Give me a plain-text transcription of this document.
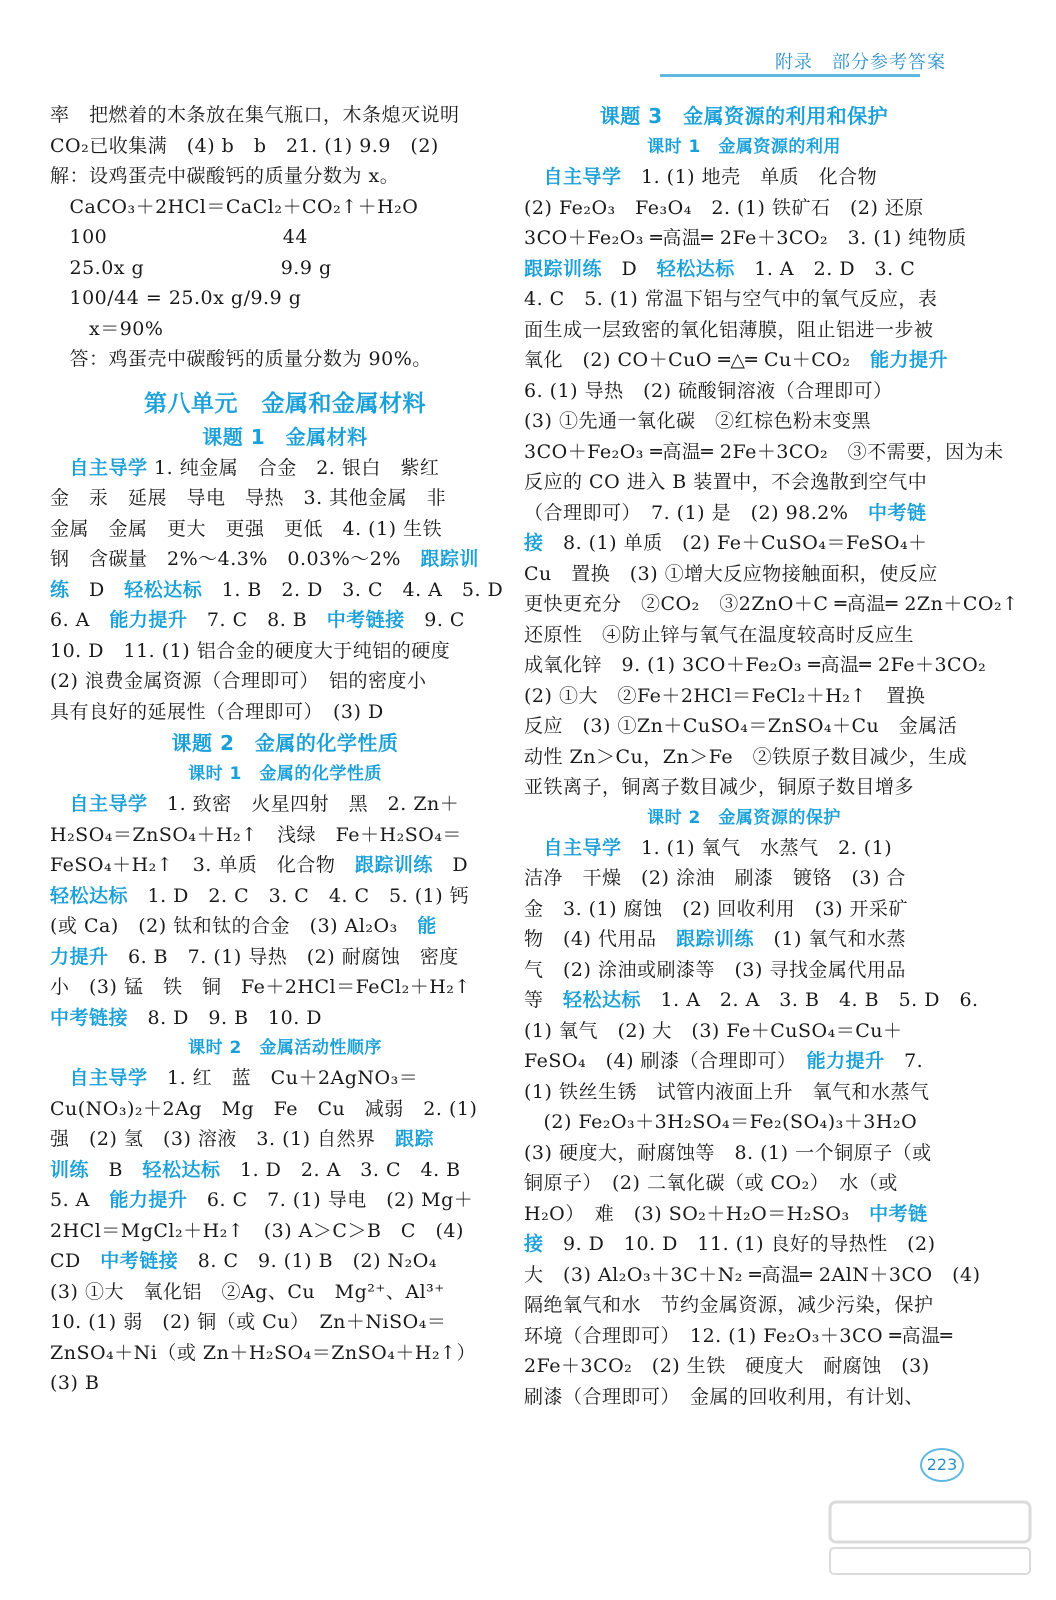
附录　部分参考答案
率　把燃着的木条放在集气瓶口，木条熄灭说明
CO₂已收集满　(4) b　b　21. (1) 9.9　(2)
解：设鸡蛋壳中碳酸钙的质量分数为 x。
　CaCO₃＋2HCl＝CaCl₂＋CO₂↑＋H₂O
　100　　　　　　　　　44
　25.0x g　　　　　　　9.9 g
　100/44 = 25.0x g/9.9 g
　　x＝90%
　答：鸡蛋壳中碳酸钙的质量分数为 90%。
第八单元　金属和金属材料
课题 1　金属材料
　自主导学 1. 纯金属　合金　2. 银白　紫红
金　汞　延展　导电　导热　3. 其他金属　非
金属　金属　更大　更强　更低　4. (1) 生铁
钢　含碳量　2%～4.3%　0.03%～2%　跟踪训
练　D　轻松达标　1. B　2. D　3. C　4. A　5. D
6. A　能力提升　7. C　8. B　中考链接　9. C
10. D　11. (1) 铝合金的硬度大于纯铝的硬度
(2) 浪费金属资源（合理即可）　铝的密度小
具有良好的延展性（合理即可）　(3) D
课题 2　金属的化学性质
课时 1　金属的化学性质
　自主导学　1. 致密　火星四射　黑　2. Zn＋
H₂SO₄＝ZnSO₄＋H₂↑　浅绿　Fe＋H₂SO₄＝
FeSO₄＋H₂↑　3. 单质　化合物　跟踪训练　D
轻松达标　1. D　2. C　3. C　4. C　5. (1) 钙
(或 Ca)　(2) 钛和钛的合金　(3) Al₂O₃　能
力提升　6. B　7. (1) 导热　(2) 耐腐蚀　密度
小　(3) 锰　铁　铜　Fe＋2HCl＝FeCl₂＋H₂↑
中考链接　8. D　9. B　10. D
课时 2　金属活动性顺序
　自主导学　1. 红　蓝　Cu＋2AgNO₃＝
Cu(NO₃)₂＋2Ag　Mg　Fe　Cu　减弱　2. (1)
强　(2) 氢　(3) 溶液　3. (1) 自然界　跟踪
训练　B　轻松达标　1. D　2. A　3. C　4. B
5. A　能力提升　6. C　7. (1) 导电　(2) Mg＋
2HCl＝MgCl₂＋H₂↑　(3) A＞C＞B　C　(4)
CD　中考链接　8. C　9. (1) B　(2) N₂O₄
(3) ①大　氧化铝　②Ag、Cu　Mg²⁺、Al³⁺
10. (1) 弱　(2) 铜（或 Cu）　Zn＋NiSO₄＝
ZnSO₄＋Ni（或 Zn＋H₂SO₄＝ZnSO₄＋H₂↑）
(3) B
课题 3　金属资源的利用和保护
课时 1　金属资源的利用
　自主导学　1. (1) 地壳　单质　化合物
(2) Fe₂O₃　Fe₃O₄　2. (1) 铁矿石　(2) 还原
3CO＋Fe₂O₃ ═高温═ 2Fe＋3CO₂　3. (1) 纯物质
跟踪训练　D　轻松达标　1. A　2. D　3. C
4. C　5. (1) 常温下铝与空气中的氧气反应，表
面生成一层致密的氧化铝薄膜，阻止铝进一步被
氧化　(2) CO＋CuO ═△═ Cu＋CO₂　能力提升
6. (1) 导热　(2) 硫酸铜溶液（合理即可）
(3) ①先通一氧化碳　②红棕色粉末变黑
3CO＋Fe₂O₃ ═高温═ 2Fe＋3CO₂　③不需要，因为未
反应的 CO 进入 B 装置中，不会逸散到空气中
（合理即可）　7. (1) 是　(2) 98.2%　中考链
接　8. (1) 单质　(2) Fe＋CuSO₄＝FeSO₄＋
Cu　置换　(3) ①增大反应物接触面积，使反应
更快更充分　②CO₂　③2ZnO＋C ═高温═ 2Zn＋CO₂↑
还原性　④防止锌与氧气在温度较高时反应生
成氧化锌　9. (1) 3CO＋Fe₂O₃ ═高温═ 2Fe＋3CO₂
(2) ①大　②Fe＋2HCl＝FeCl₂＋H₂↑　置换
反应　(3) ①Zn＋CuSO₄＝ZnSO₄＋Cu　金属活
动性 Zn＞Cu，Zn＞Fe　②铁原子数目减少，生成
亚铁离子，铜离子数目减少，铜原子数目增多
课时 2　金属资源的保护
　自主导学　1. (1) 氧气　水蒸气　2. (1)
洁净　干燥　(2) 涂油　刷漆　镀铬　(3) 合
金　3. (1) 腐蚀　(2) 回收利用　(3) 开采矿
物　(4) 代用品　跟踪训练　(1) 氧气和水蒸
气　(2) 涂油或刷漆等　(3) 寻找金属代用品
等　轻松达标　1. A　2. A　3. B　4. B　5. D　6.
(1) 氧气　(2) 大　(3) Fe＋CuSO₄＝Cu＋
FeSO₄　(4) 刷漆（合理即可）　能力提升　7.
(1) 铁丝生锈　试管内液面上升　氧气和水蒸气
　(2) Fe₂O₃＋3H₂SO₄＝Fe₂(SO₄)₃＋3H₂O
(3) 硬度大，耐腐蚀等　8. (1) 一个铜原子（或
铜原子）　(2) 二氧化碳（或 CO₂）　水（或
H₂O）　难　(3) SO₂＋H₂O＝H₂SO₃　中考链
接　9. D　10. D　11. (1) 良好的导热性　(2)
大　(3) Al₂O₃＋3C＋N₂ ═高温═ 2AlN＋3CO　(4)
隔绝氧气和水　节约金属资源，减少污染，保护
环境（合理即可）　12. (1) Fe₂O₃＋3CO ═高温═
2Fe＋3CO₂　(2) 生铁　硬度大　耐腐蚀　(3)
刷漆（合理即可）　金属的回收利用，有计划、
223
